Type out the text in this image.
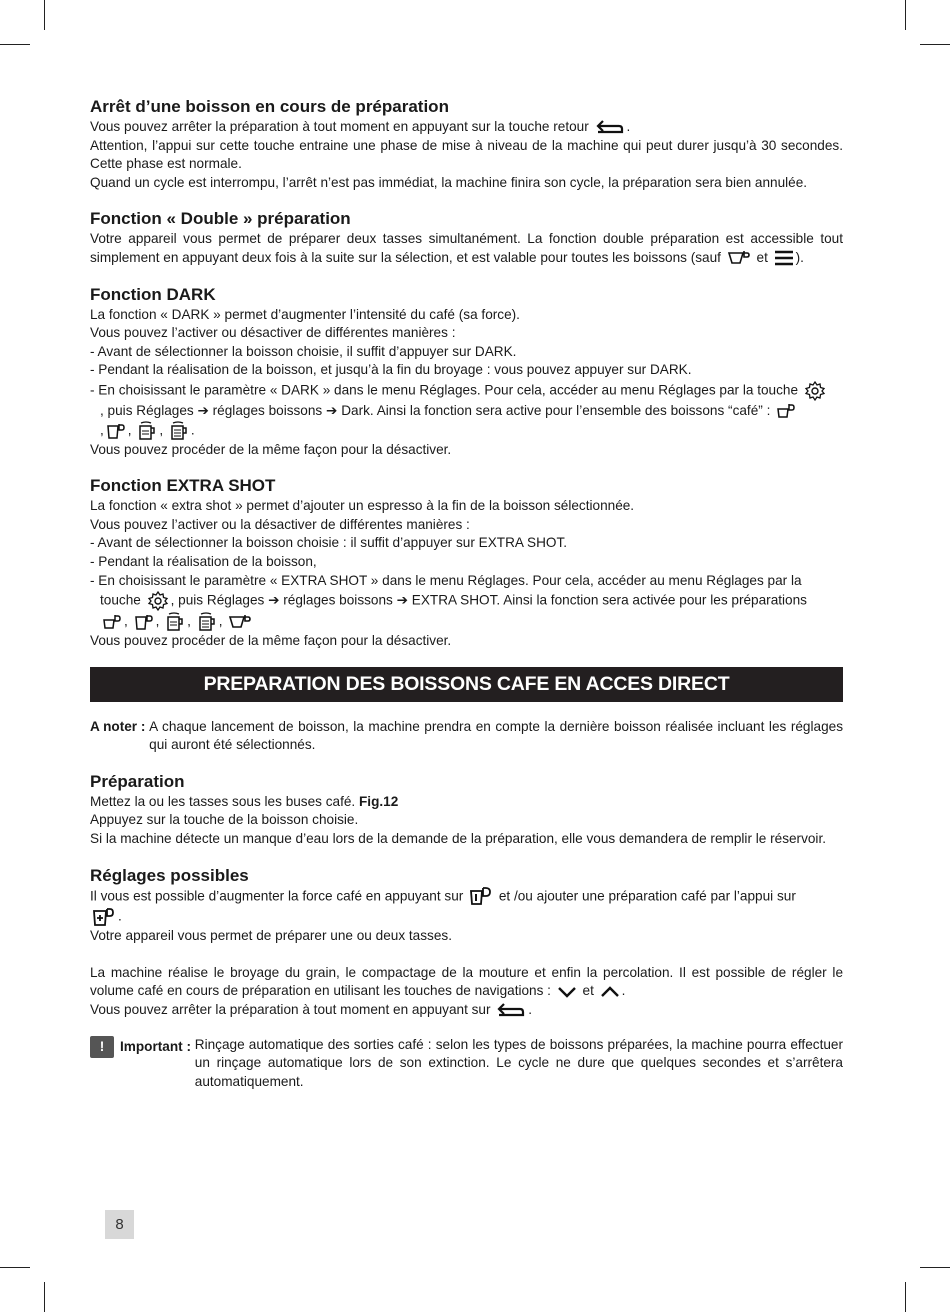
Arrêt d’une boisson en cours de préparation

Vous pouvez arrêter la préparation à tout moment en appuyant sur la touche retour	.

Attention, l’appui sur cette touche entraine une phase de mise à niveau de la machine qui peut durer jusqu’à 30 secondes. Cette phase est normale.

Quand un cycle est interrompu, l’arrêt n’est pas immédiat, la machine finira son cycle, la préparation sera bien annulée.

Fonction « Double » préparation

Votre appareil vous permet de préparer deux tasses simultanément. La fonction double préparation est accessible tout simplement en appuyant deux fois à la suite sur la sélection, et est valable pour toutes les boissons (sauf	et ).

Fonction DARK

La fonction « DARK » permet d’augmenter l’intensité du café (sa force).

Vous pouvez l’activer ou désactiver de différentes manières :

- Avant de sélectionner la boisson choisie, il suffit d’appuyer sur DARK.

- Pendant la réalisation de la boisson, et jusqu’à la fin du broyage : vous pouvez appuyer sur DARK.

- En choisissant le paramètre « DARK » dans le menu Réglages. Pour cela, accéder au menu Réglages par la touche

, puis Réglages ➔ réglages boissons ➔ Dark. Ainsi la fonction sera active pour l’ensemble des boissons “café” :

, , , .

Vous pouvez procéder de la même façon pour la désactiver.

Fonction EXTRA SHOT

La fonction « extra shot » permet d’ajouter un espresso à la fin de la boisson sélectionnée.

Vous pouvez l’activer ou la désactiver de différentes manières :

- Avant de sélectionner la boisson choisie : il suffit d’appuyer sur EXTRA SHOT.

- Pendant la réalisation de la boisson,

- En choisissant le paramètre « EXTRA SHOT » dans le menu Réglages. Pour cela, accéder au menu Réglages par la

touche , puis Réglages ➔ réglages boissons ➔ EXTRA SHOT. Ainsi la fonction sera activée pour les préparations

, , , ,

Vous pouvez procéder de la même façon pour la désactiver.

PREPARATION DES BOISSONS CAFE EN ACCES DIRECT
A noter : A chaque lancement de boisson, la machine prendra en compte la dernière boisson réalisée incluant les réglages qui auront été sélectionnés.
Préparation

Mettez la ou les tasses sous les buses café. Fig.12

Appuyez sur la touche de la boisson choisie.

Si la machine détecte un manque d’eau lors de la demande de la préparation, elle vous demandera de remplir le réservoir.

Réglages possibles

Il vous est possible d’augmenter la force café en appuyant sur	et /ou ajouter une préparation café par l’appui sur

.

Votre appareil vous permet de préparer une ou deux tasses.

La machine réalise le broyage du grain, le compactage de la mouture et enfin la percolation. Il est possible de régler le volume café en cours de préparation en utilisant les touches de navigations : et .

Vous pouvez arrêter la préparation à tout moment en appuyant sur	.

! Important : Rinçage automatique des sorties café : selon les types de boissons préparées, la machine pourra effectuer un rinçage automatique lors de son extinction. Le cycle ne dure que quelques secondes et s’arrêtera automatiquement.
8
